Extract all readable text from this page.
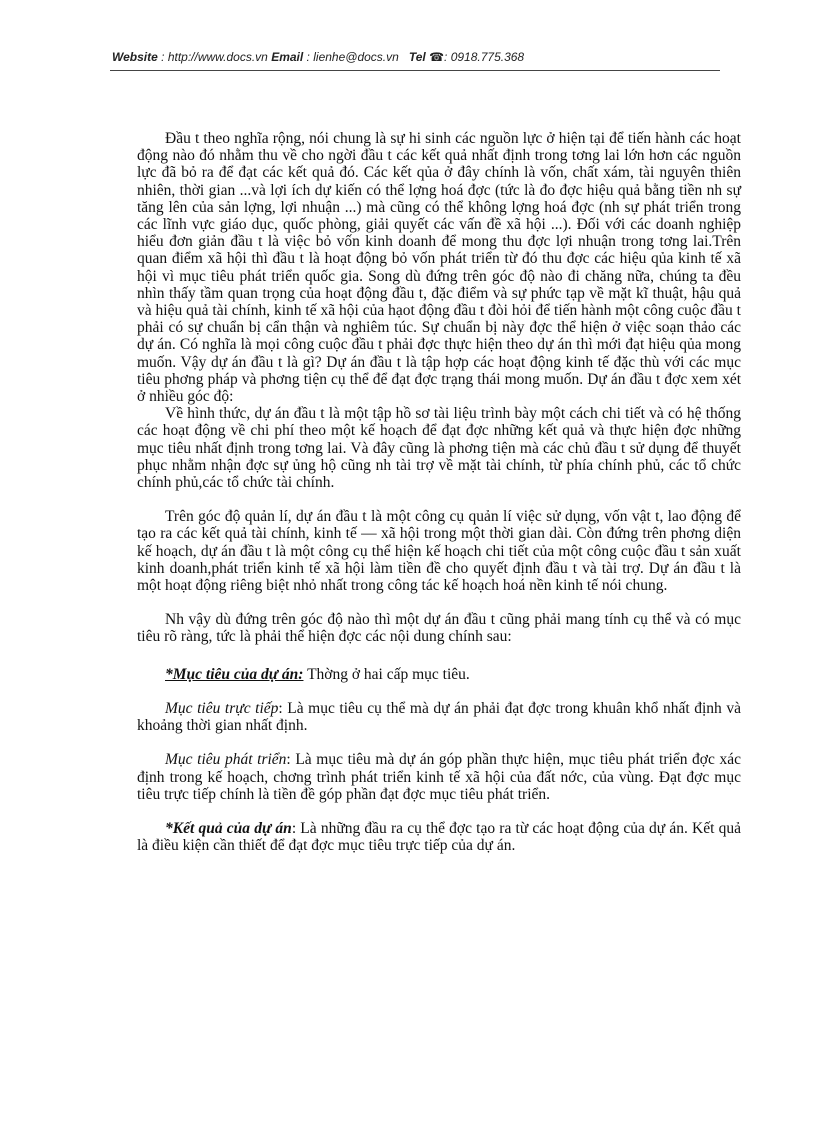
Website : http://www.docs.vn Email : lienhe@docs.vn Tel ☎: 0918.775.368

Đầu t theo nghĩa rộng, nói chung là sự hi sinh các nguồn lực ở hiện tại để tiến hành các hoạt động nào đó nhằm thu về cho ngời đầu t các kết quả nhất định trong tơng lai lớn hơn các nguồn lực đã bỏ ra để đạt các kết quả đó. Các kết qủa ở đây chính là vốn, chất xám, tài nguyên thiên nhiên, thời gian ...và lợi ích dự kiến có thể lợng hoá đợc (tức là đo đợc hiệu quả bằng tiền nh sự tăng lên của sản lợng, lợi nhuận ...) mà cũng có thể không lợng hoá đợc (nh sự phát triển trong các lĩnh vực giáo dục, quốc phòng, giải quyết các vấn đề xã hội ...). Đối với các doanh nghiệp hiểu đơn giản đầu t là việc bỏ vốn kinh doanh để mong thu đợc lợi nhuận trong tơng lai.Trên quan điểm xã hội thì đầu t là hoạt động bỏ vốn phát triển từ đó thu đợc các hiệu qủa kinh tế xã hội vì mục tiêu phát triển quốc gia. Song dù đứng trên góc độ nào đi chăng nữa, chúng ta đều nhìn thấy tầm quan trọng của hoạt động đầu t, đặc điểm và sự phức tạp về mặt kĩ thuật, hậu quả và hiệu quả tài chính, kinh tế xã hội của hạot động đầu t đòi hỏi để tiến hành một công cuộc đầu t phải có sự chuẩn bị cẩn thận và nghiêm túc. Sự chuẩn bị này đợc thể hiện ở việc soạn thảo các dự án. Có nghĩa là mọi công cuộc đầu t phải đợc thực hiện theo dự án thì mới đạt hiệu qủa mong muốn. Vậy dự án đầu t là gì? Dự án đầu t là tập hợp các hoạt động kinh tế đặc thù với các mục tiêu phơng pháp và phơng tiện cụ thể để đạt đợc trạng thái mong muốn. Dự án đầu t đợc xem xét ở nhiều góc độ:

Về hình thức, dự án đầu t là một tập hồ sơ tài liệu trình bày một cách chi tiết và có hệ thống các hoạt động về chi phí theo một kế hoạch để đạt đợc những kết quả và thực hiện đợc những mục tiêu nhất định trong tơng lai. Và đây cũng là phơng tiện mà các chủ đầu t sử dụng để thuyết phục nhằm nhận đợc sự ủng hộ cũng nh tài trợ về mặt tài chính, từ phía chính phủ, các tổ chức chính phủ,các tổ chức tài chính.

Trên góc độ quản lí, dự án đầu t là một công cụ quản lí việc sử dụng, vốn vật t, lao động để tạo ra các kết quả tài chính, kinh tế — xã hội trong một thời gian dài. Còn đứng trên phơng diện kế hoạch, dự án đầu t là một công cụ thể hiện kế hoạch chi tiết của một công cuộc đầu t sản xuất kinh doanh,phát triển kinh tế xã hội làm tiền đề cho quyết định đầu t và tài trợ. Dự án đầu t là một hoạt động riêng biệt nhỏ nhất trong công tác kế hoạch hoá nền kinh tế nói chung.

Nh vậy dù đứng trên góc độ nào thì một dự án đầu t cũng phải mang tính cụ thể và có mục tiêu rõ ràng, tức là phải thể hiện đợc các nội dung chính sau:

*Mục tiêu của dự án: Thờng ở hai cấp mục tiêu.

Mục tiêu trực tiếp: Là mục tiêu cụ thể mà dự án phải đạt đợc trong khuân khổ nhất định và khoảng thời gian nhất định.

Mục tiêu phát triển: Là mục tiêu mà dự án góp phần thực hiện, mục tiêu phát triển đợc xác định trong kế hoạch, chơng trình phát triển kinh tế xã hội của đất nớc, của vùng. Đạt đợc mục tiêu trực tiếp chính là tiền đề góp phần đạt đợc mục tiêu phát triển.

*Kết quả của dự án: Là những đầu ra cụ thể đợc tạo ra từ các hoạt động của dự án. Kết quả là điều kiện cần thiết để đạt đợc mục tiêu trực tiếp của dự án.
